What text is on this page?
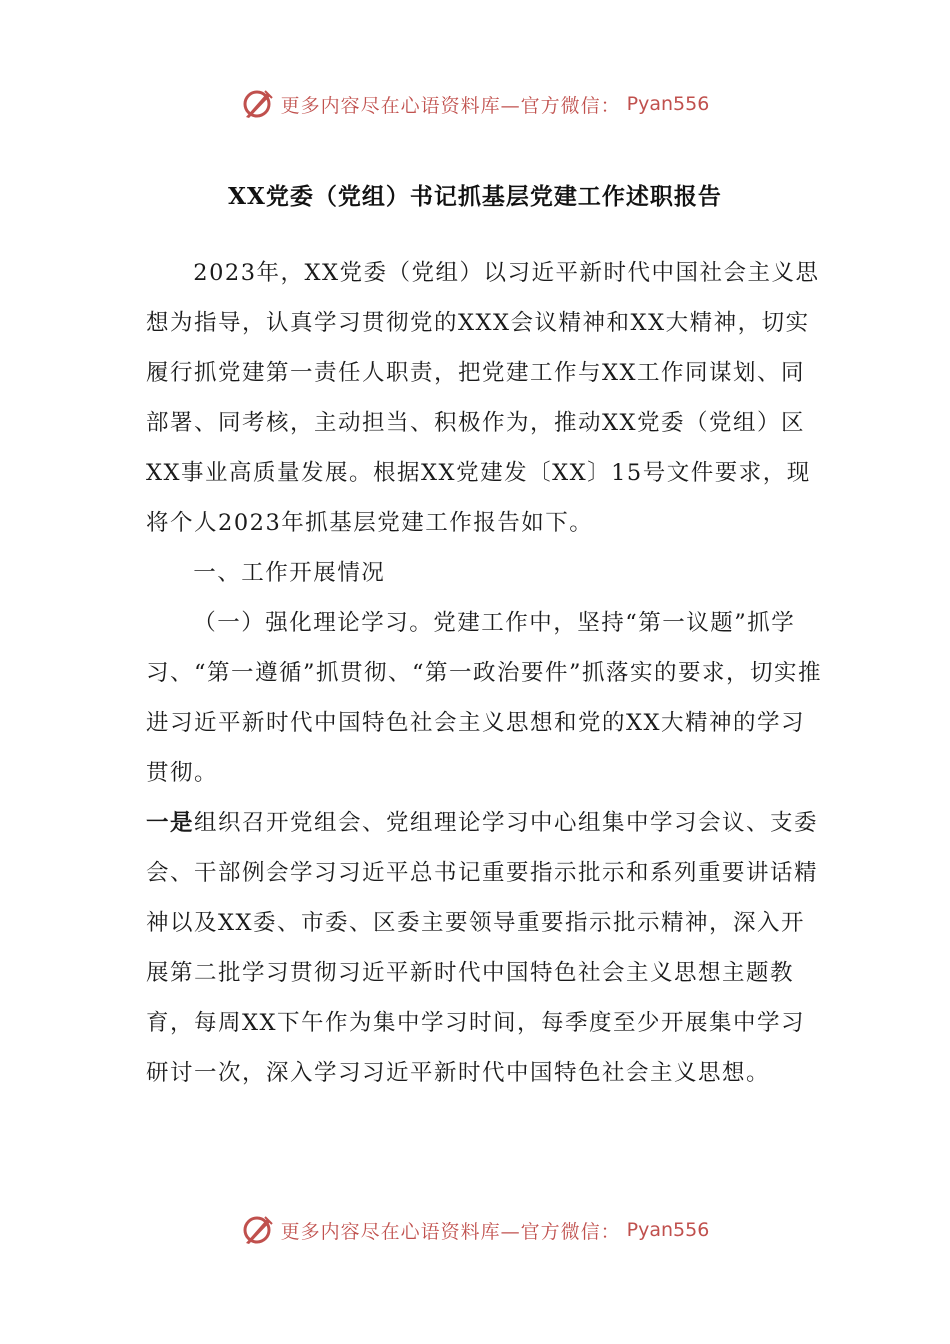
更多内容尽在心语资料库—官方微信： Pyan556
XX党委（党组）书记抓基层党建工作述职报告

2023年，XX党委（党组）以习近平新时代中国社会主义思想为指导，认真学习贯彻党的XXX会议精神和XX大精神，切实履行抓党建第一责任人职责，把党建工作与XX工作同谋划、同部署、同考核，主动担当、积极作为，推动XX党委（党组）区XX事业高质量发展。根据XX党建发〔XX〕15号文件要求，现将个人2023年抓基层党建工作报告如下。

一、工作开展情况

（一）强化理论学习。党建工作中，坚持“第一议题”抓学习、“第一遵循”抓贯彻、“第一政治要件”抓落实的要求，切实推进习近平新时代中国特色社会主义思想和党的XX大精神的学习贯彻。

一是组织召开党组会、党组理论学习中心组集中学习会议、支委会、干部例会学习习近平总书记重要指示批示和系列重要讲话精神以及XX委、市委、区委主要领导重要指示批示精神，深入开展第二批学习贯彻习近平新时代中国特色社会主义思想主题教育，每周XX下午作为集中学习时间，每季度至少开展集中学习研讨一次，深入学习习近平新时代中国特色社会主义思想。

更多内容尽在心语资料库—官方微信： Pyan556
